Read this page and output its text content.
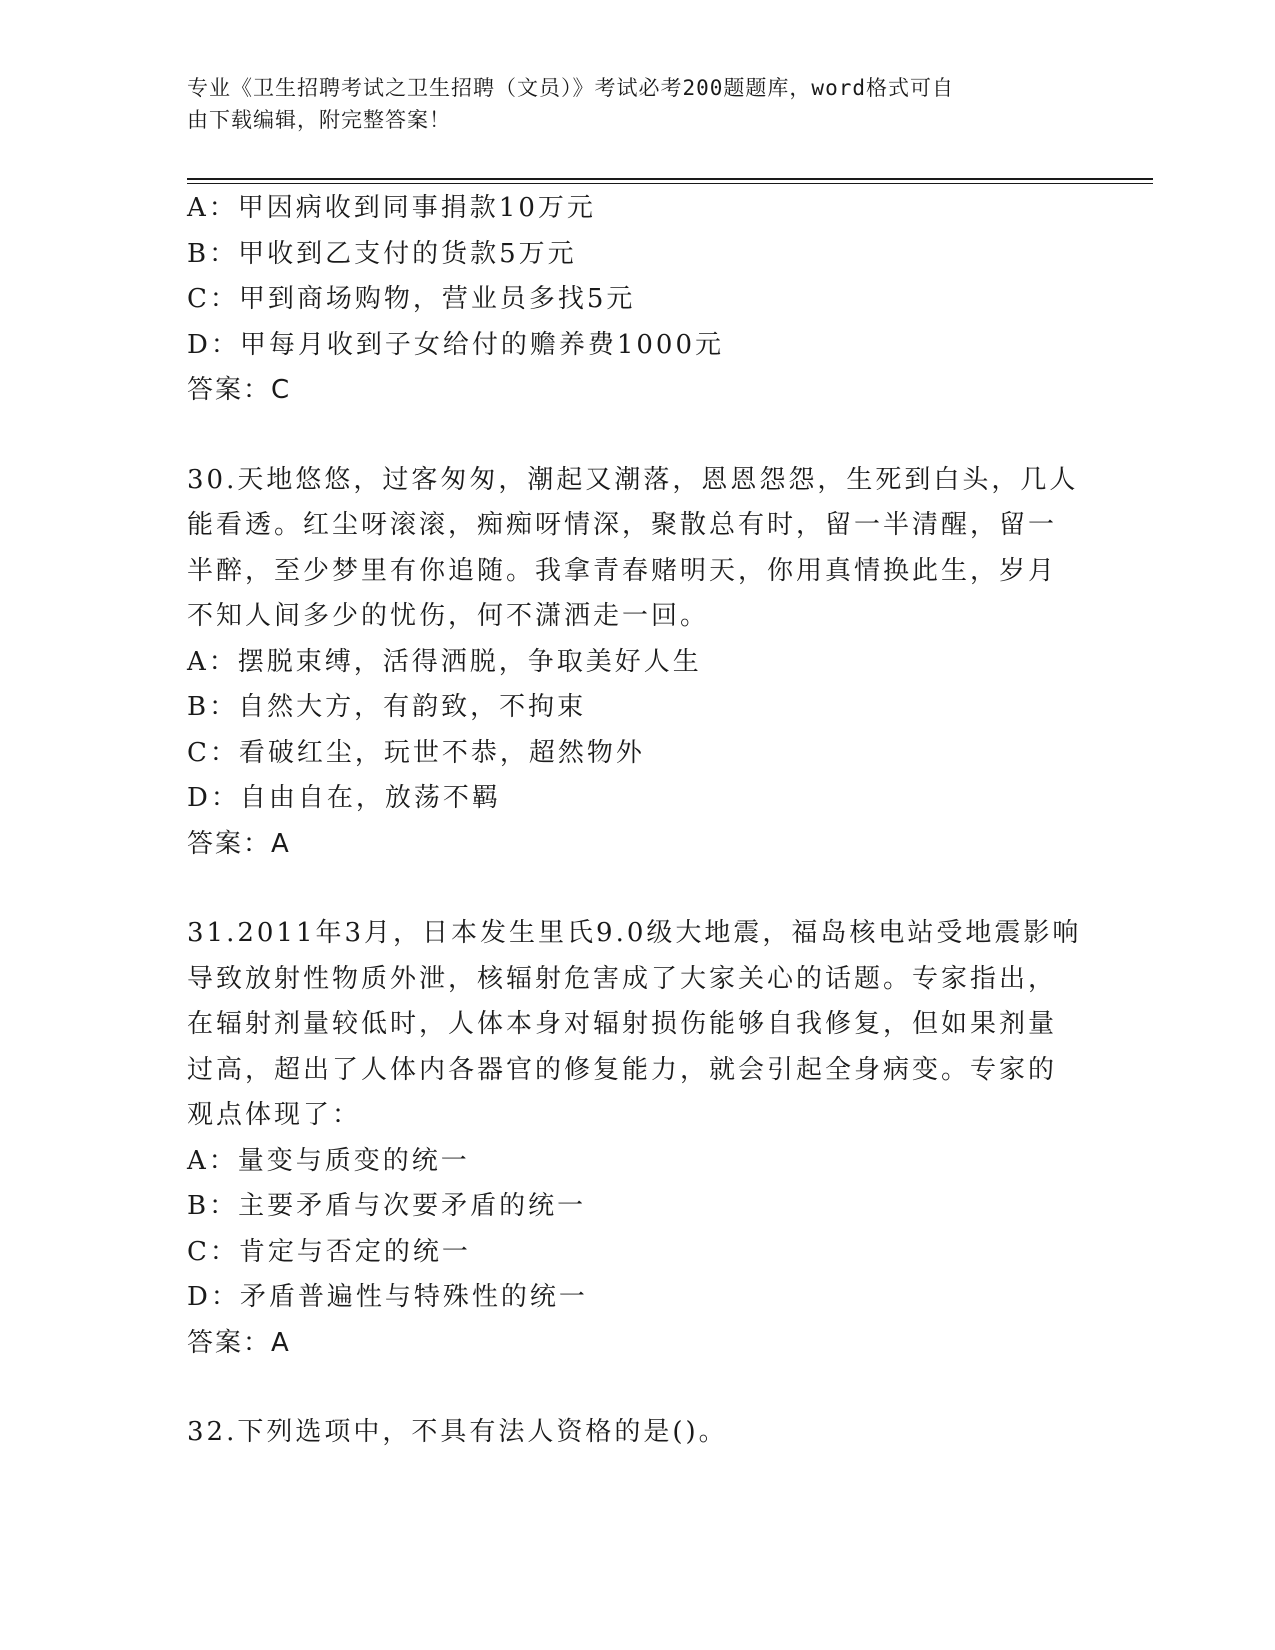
专业《卫生招聘考试之卫生招聘（文员）》考试必考200题题库，word格式可自
由下载编辑，附完整答案！
A：甲因病收到同事捐款10万元
B：甲收到乙支付的货款5万元
C：甲到商场购物，营业员多找5元
D：甲每月收到子女给付的赡养费1000元
答案：C
30.天地悠悠，过客匆匆，潮起又潮落，恩恩怨怨，生死到白头，几人
能看透。红尘呀滚滚，痴痴呀情深，聚散总有时，留一半清醒，留一
半醉，至少梦里有你追随。我拿青春赌明天，你用真情换此生，岁月
不知人间多少的忧伤，何不潇洒走一回。
A：摆脱束缚，活得洒脱，争取美好人生
B：自然大方，有韵致，不拘束
C：看破红尘，玩世不恭，超然物外
D：自由自在，放荡不羁
答案：A
31.2011年3月，日本发生里氏9.0级大地震，福岛核电站受地震影响
导致放射性物质外泄，核辐射危害成了大家关心的话题。专家指出，
在辐射剂量较低时，人体本身对辐射损伤能够自我修复，但如果剂量
过高，超出了人体内各器官的修复能力，就会引起全身病变。专家的
观点体现了：
A：量变与质变的统一
B：主要矛盾与次要矛盾的统一
C：肯定与否定的统一
D：矛盾普遍性与特殊性的统一
答案：A
32.下列选项中，不具有法人资格的是()。
